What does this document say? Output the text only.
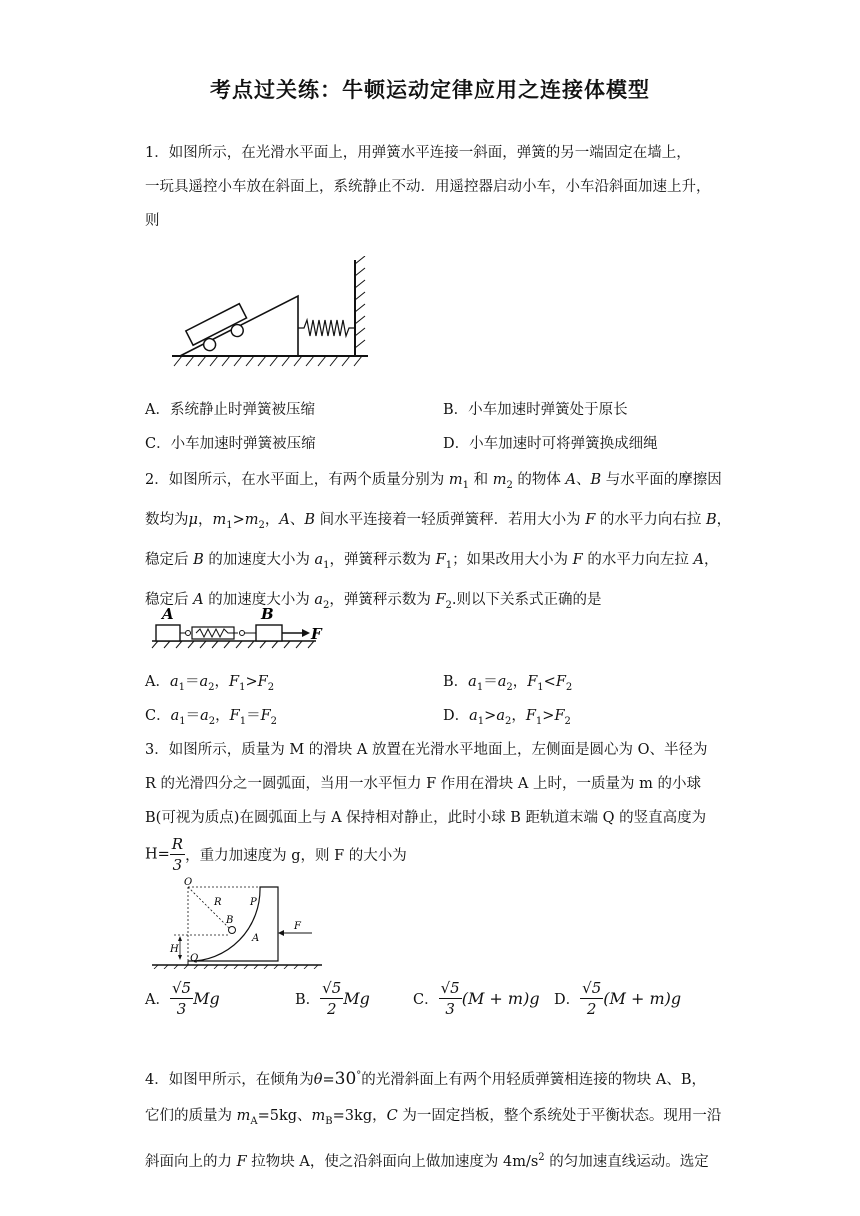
考点过关练：牛顿运动定律应用之连接体模型
1．如图所示，在光滑水平面上，用弹簧水平连接一斜面，弹簧的另一端固定在墙上，
一玩具遥控小车放在斜面上，系统静止不动．用遥控器启动小车，小车沿斜面加速上升，
则
A．系统静止时弹簧被压缩	B．小车加速时弹簧处于原长
C．小车加速时弹簧被压缩	D．小车加速时可将弹簧换成细绳
2．如图所示，在水平面上，有两个质量分别为 $m_1$ 和 $m_2$ 的物体 A、B 与水平面的摩擦因
数均为μ，$m_1>m_2$，A、B 间水平连接着一轻质弹簧秤．若用大小为 F 的水平力向右拉 B，
稳定后 B 的加速度大小为 $a_1$，弹簧秤示数为 $F_1$；如果改用大小为 F 的水平力向左拉 A，
稳定后 A 的加速度大小为 $a_2$，弹簧秤示数为 $F_2$.则以下关系式正确的是
A	B
F
A．$a_1=a_2$，$F_1>F_2$	B．$a_1=a_2$，$F_1<F_2$
C．$a_1=a_2$，$F_1=F_2$	D．$a_1>a_2$，$F_1>F_2$
3．如图所示，质量为 M 的滑块 A 放置在光滑水平地面上，左侧面是圆心为 O、半径为
R 的光滑四分之一圆弧面，当用一水平恒力 F 作用在滑块 A 上时，一质量为 m 的小球
B(可视为质点)在圆弧面上与 A 保持相对静止，此时小球 B 距轨道末端 Q 的竖直高度为
$H= \frac{R}{3}$ ，重力加速度为 g，则 F 的大小为
O
R	P
B
A
H
Q
F
A． $\frac{√5}{3}$ Mg	B． $\frac{√5}{2}$ Mg	C． $\frac{√5}{3} (M + m)g$ D． $\frac{√5}{2} (M + m)g$
4．如图甲所示，在倾角为θ=30°的光滑斜面上有两个用轻质弹簧相连接的物块 A、B，
它们的质量为 $m_A=5kg$、$m_B=3kg$，C 为一固定挡板，整个系统处于平衡状态。现用一沿
斜面向上的力 F 拉物块 A，使之沿斜面向上做加速度为 $4m/s^2$ 的匀加速直线运动。选定
